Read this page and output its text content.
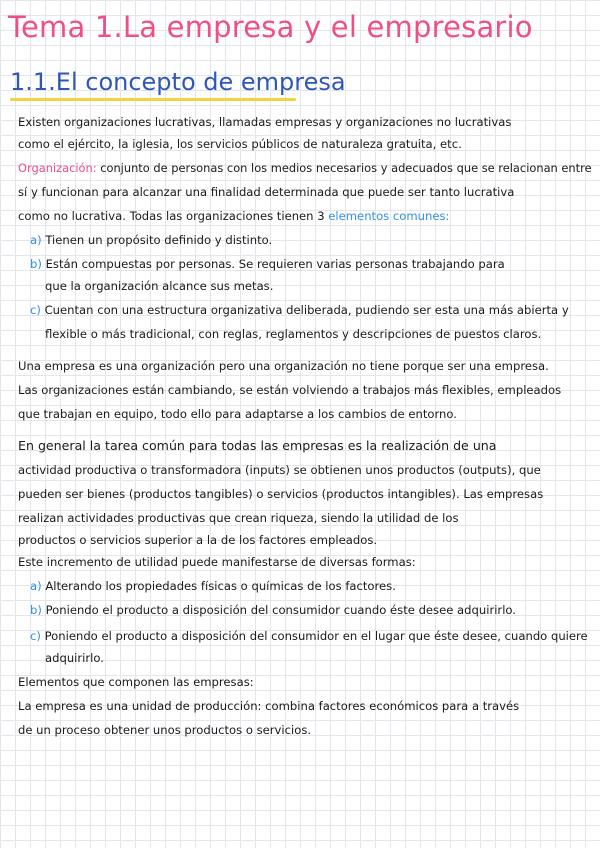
Tema 1.La empresa y el empresario
1.1.El concepto de empresa
Existen organizaciones lucrativas, llamadas empresas y organizaciones no lucrativas
como el ejército, la iglesia, los servicios públicos de naturaleza gratuita, etc.
Organización: conjunto de personas con los medios necesarios y adecuados que se relacionan entre
sí y funcionan para alcanzar una finalidad determinada que puede ser tanto lucrativa
como no lucrativa. Todas las organizaciones tienen 3 elementos comunes:
a) Tienen un propósito definido y distinto.
b) Están compuestas por personas. Se requieren varias personas trabajando para
que la organización alcance sus metas.
c) Cuentan con una estructura organizativa deliberada, pudiendo ser esta una más abierta y
flexible o más tradicional, con reglas, reglamentos y descripciones de puestos claros.
Una empresa es una organización pero una organización no tiene porque ser una empresa.
Las organizaciones están cambiando, se están volviendo a trabajos más flexibles, empleados
que trabajan en equipo, todo ello para adaptarse a los cambios de entorno.
En general la tarea común para todas las empresas es la realización de una
actividad productiva o transformadora (inputs) se obtienen unos productos (outputs), que
pueden ser bienes (productos tangibles) o servicios (productos intangibles). Las empresas
realizan actividades productivas que crean riqueza, siendo la utilidad de los
productos o servicios superior a la de los factores empleados.
Este incremento de utilidad puede manifestarse de diversas formas:
a) Alterando los propiedades físicas o químicas de los factores.
b) Poniendo el producto a disposición del consumidor cuando éste desee adquirirlo.
c) Poniendo el producto a disposición del consumidor en el lugar que éste desee, cuando quiere
adquirirlo.
Elementos que componen las empresas:
La empresa es una unidad de producción: combina factores económicos para a través
de un proceso obtener unos productos o servicios.
